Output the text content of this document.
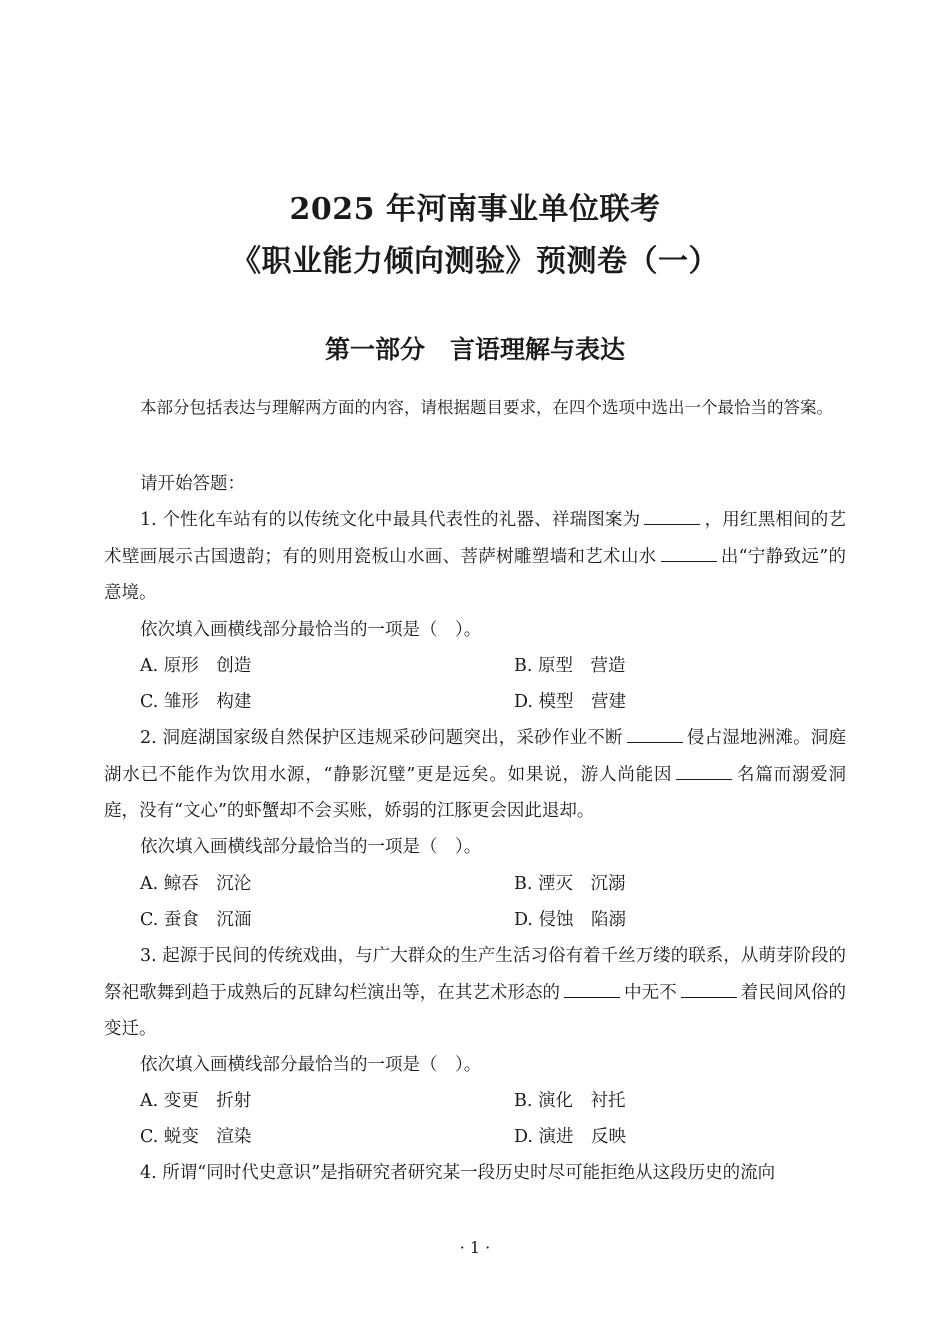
2025 年河南事业单位联考
《职业能力倾向测验》预测卷（一）
第一部分　言语理解与表达
本部分包括表达与理解两方面的内容，请根据题目要求，在四个选项中选出一个最恰当的答案。
请开始答题：
1. 个性化车站有的以传统文化中最具代表性的礼器、祥瑞图案为	，用红黑相间的艺术壁画展示古国遗韵；有的则用瓷板山水画、菩萨树雕塑墙和艺术山水	出“宁静致远”的意境。
依次填入画横线部分最恰当的一项是（　）。
A. 原形　创造	B. 原型　营造
C. 雏形　构建	D. 模型　营建
2. 洞庭湖国家级自然保护区违规采砂问题突出，采砂作业不断	侵占湿地洲滩。洞庭湖水已不能作为饮用水源，“静影沉璧”更是远矣。如果说，游人尚能因	名篇而溺爱洞庭，没有“文心”的虾蟹却不会买账，娇弱的江豚更会因此退却。
依次填入画横线部分最恰当的一项是（　）。
A. 鲸吞　沉沦	B. 湮灭　沉溺
C. 蚕食　沉湎	D. 侵蚀　陷溺
3. 起源于民间的传统戏曲，与广大群众的生产生活习俗有着千丝万缕的联系，从萌芽阶段的祭祀歌舞到趋于成熟后的瓦肆勾栏演出等，在其艺术形态的	中无不	着民间风俗的变迁。
依次填入画横线部分最恰当的一项是（　）。
A. 变更　折射	B. 演化　衬托
C. 蜕变　渲染	D. 演进　反映
4. 所谓“同时代史意识”是指研究者研究某一段历史时尽可能拒绝从这段历史的流向
· 1 ·
